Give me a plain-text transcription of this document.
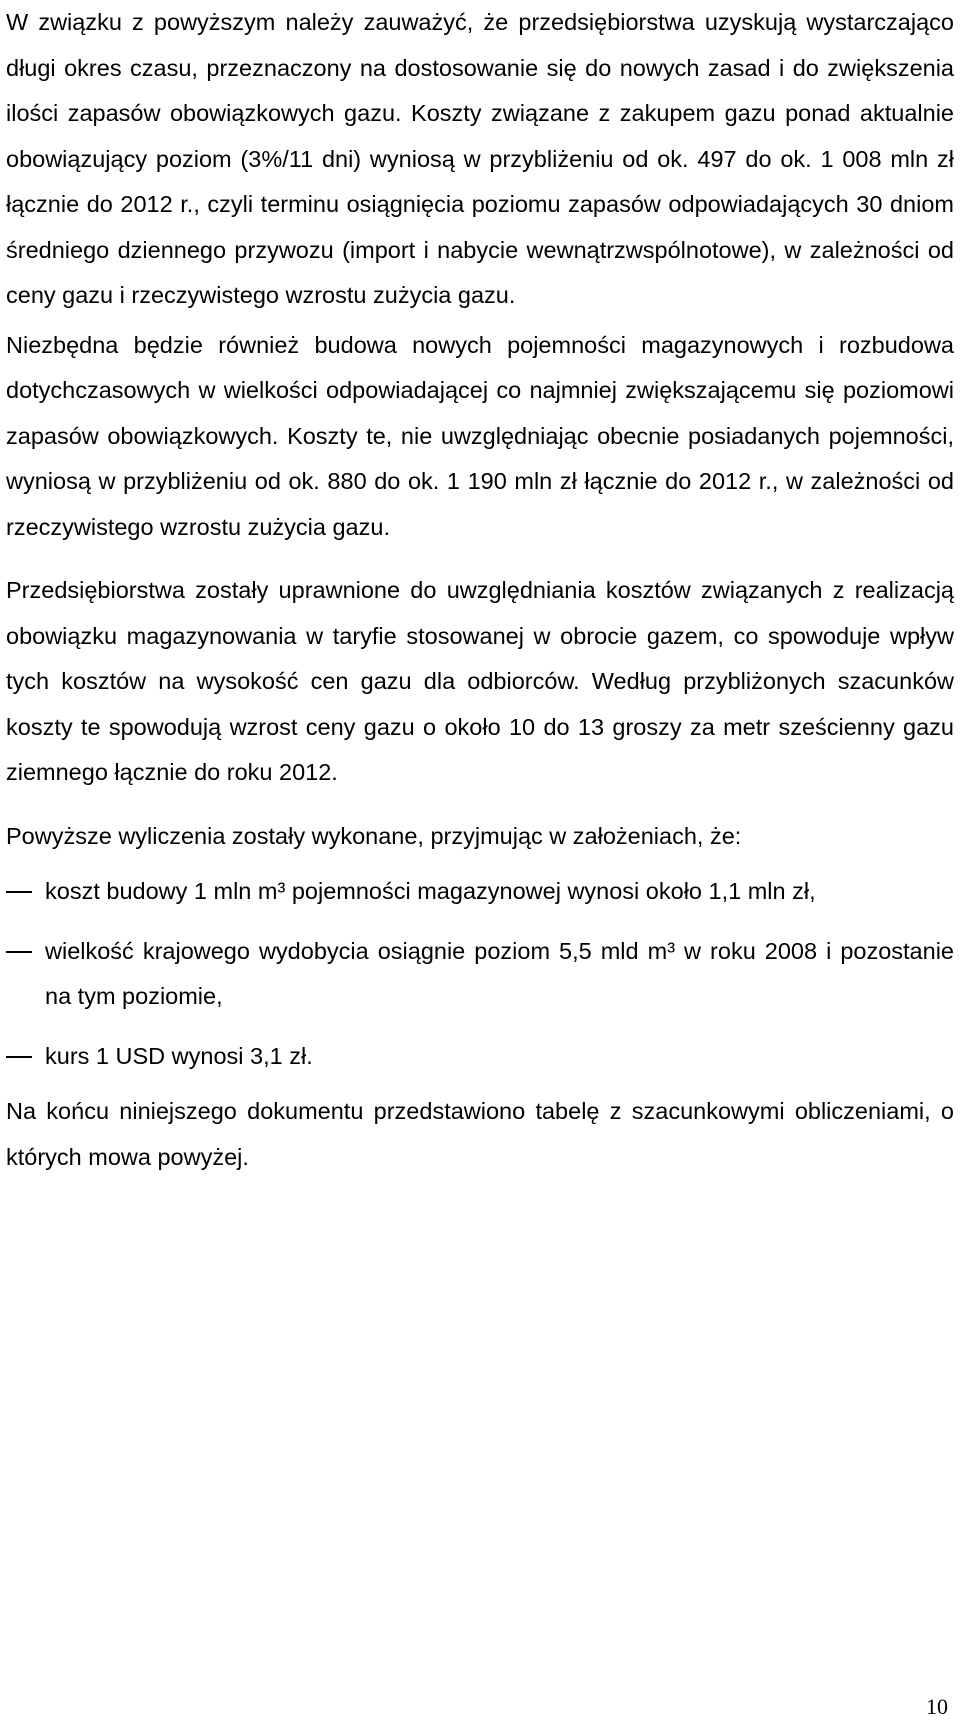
W związku z powyższym należy zauważyć, że przedsiębiorstwa uzyskują wystarczająco długi okres czasu, przeznaczony na dostosowanie się do nowych zasad i do zwiększenia ilości zapasów obowiązkowych gazu. Koszty związane z zakupem gazu ponad aktualnie obowiązujący poziom (3%/11 dni) wyniosą w przybliżeniu od ok. 497 do ok. 1 008 mln zł łącznie do 2012 r., czyli terminu osiągnięcia poziomu zapasów odpowiadających 30 dniom średniego dziennego przywozu (import i nabycie wewnątrzwspólnotowe), w zależności od ceny gazu i rzeczywistego wzrostu zużycia gazu.

Niezbędna będzie również budowa nowych pojemności magazynowych i rozbudowa dotychczasowych w wielkości odpowiadającej co najmniej zwiększającemu się poziomowi zapasów obowiązkowych. Koszty te, nie uwzględniając obecnie posiadanych pojemności, wyniosą w przybliżeniu od ok. 880 do ok. 1 190 mln zł łącznie do 2012 r., w zależności od rzeczywistego wzrostu zużycia gazu.

Przedsiębiorstwa zostały uprawnione do uwzględniania kosztów związanych z realizacją obowiązku magazynowania w taryfie stosowanej w obrocie gazem, co spowoduje wpływ tych kosztów na wysokość cen gazu dla odbiorców. Według przybliżonych szacunków koszty te spowodują wzrost ceny gazu o około 10 do 13 groszy za metr sześcienny gazu ziemnego łącznie do roku 2012.

Powyższe wyliczenia zostały wykonane, przyjmując w założeniach, że:

koszt budowy 1 mln m³ pojemności magazynowej wynosi około 1,1 mln zł,
wielkość krajowego wydobycia osiągnie poziom 5,5 mld m³ w roku 2008 i pozostanie na tym poziomie,
kurs 1 USD wynosi 3,1 zł.

Na końcu niniejszego dokumentu przedstawiono tabelę z szacunkowymi obliczeniami, o których mowa powyżej.

10
